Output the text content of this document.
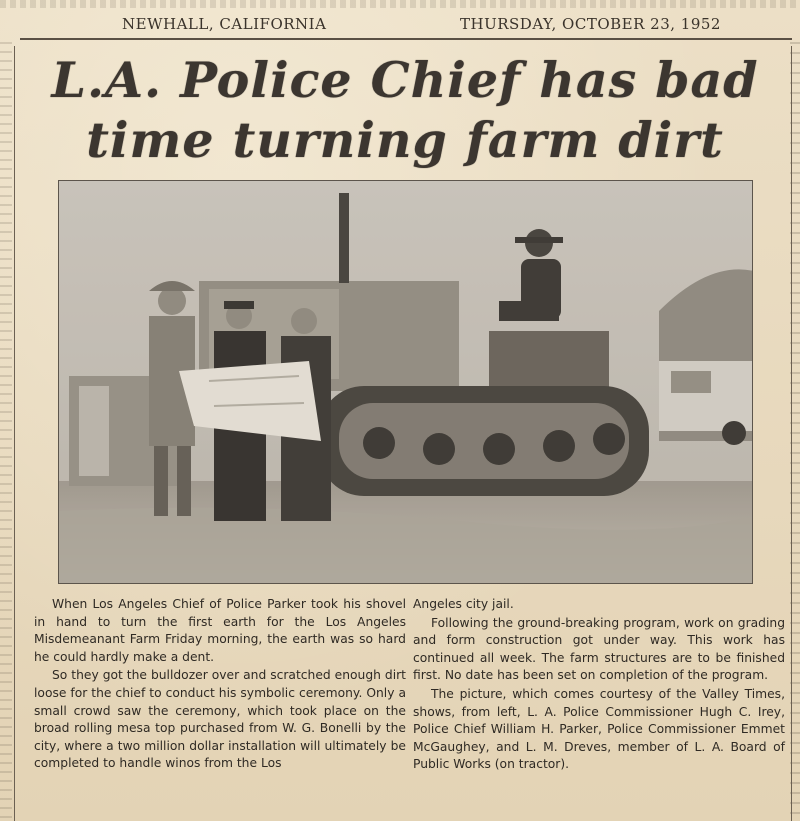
NEWHALL, CALIFORNIA	THURSDAY, OCTOBER 23, 1952
L.A. Police Chief has bad
time turning farm dirt

When Los Angeles Chief of Police Parker took his shovel in hand to turn the first earth for the Los Angeles Misdemeanant Farm Friday morning, the earth was so hard he could hardly make a dent.

So they got the bulldozer over and scratched enough dirt loose for the chief to conduct his symbolic ceremony. Only a small crowd saw the ceremony, which took place on the broad rolling mesa top purchased from W. G. Bonelli by the city, where a two million dollar installation will ultimately be completed to handle winos from the Los

Angeles city jail.

Following the ground-breaking program, work on grading and form construction got under way. This work has continued all week. The farm structures are to be finished first. No date has been set on completion of the program.

The picture, which comes courtesy of the Valley Times, shows, from left, L. A. Police Commissioner Hugh C. Irey, Police Chief William H. Parker, Police Commissioner Emmet McGaughey, and L. M. Dreves, member of L. A. Board of Public Works (on tractor).
